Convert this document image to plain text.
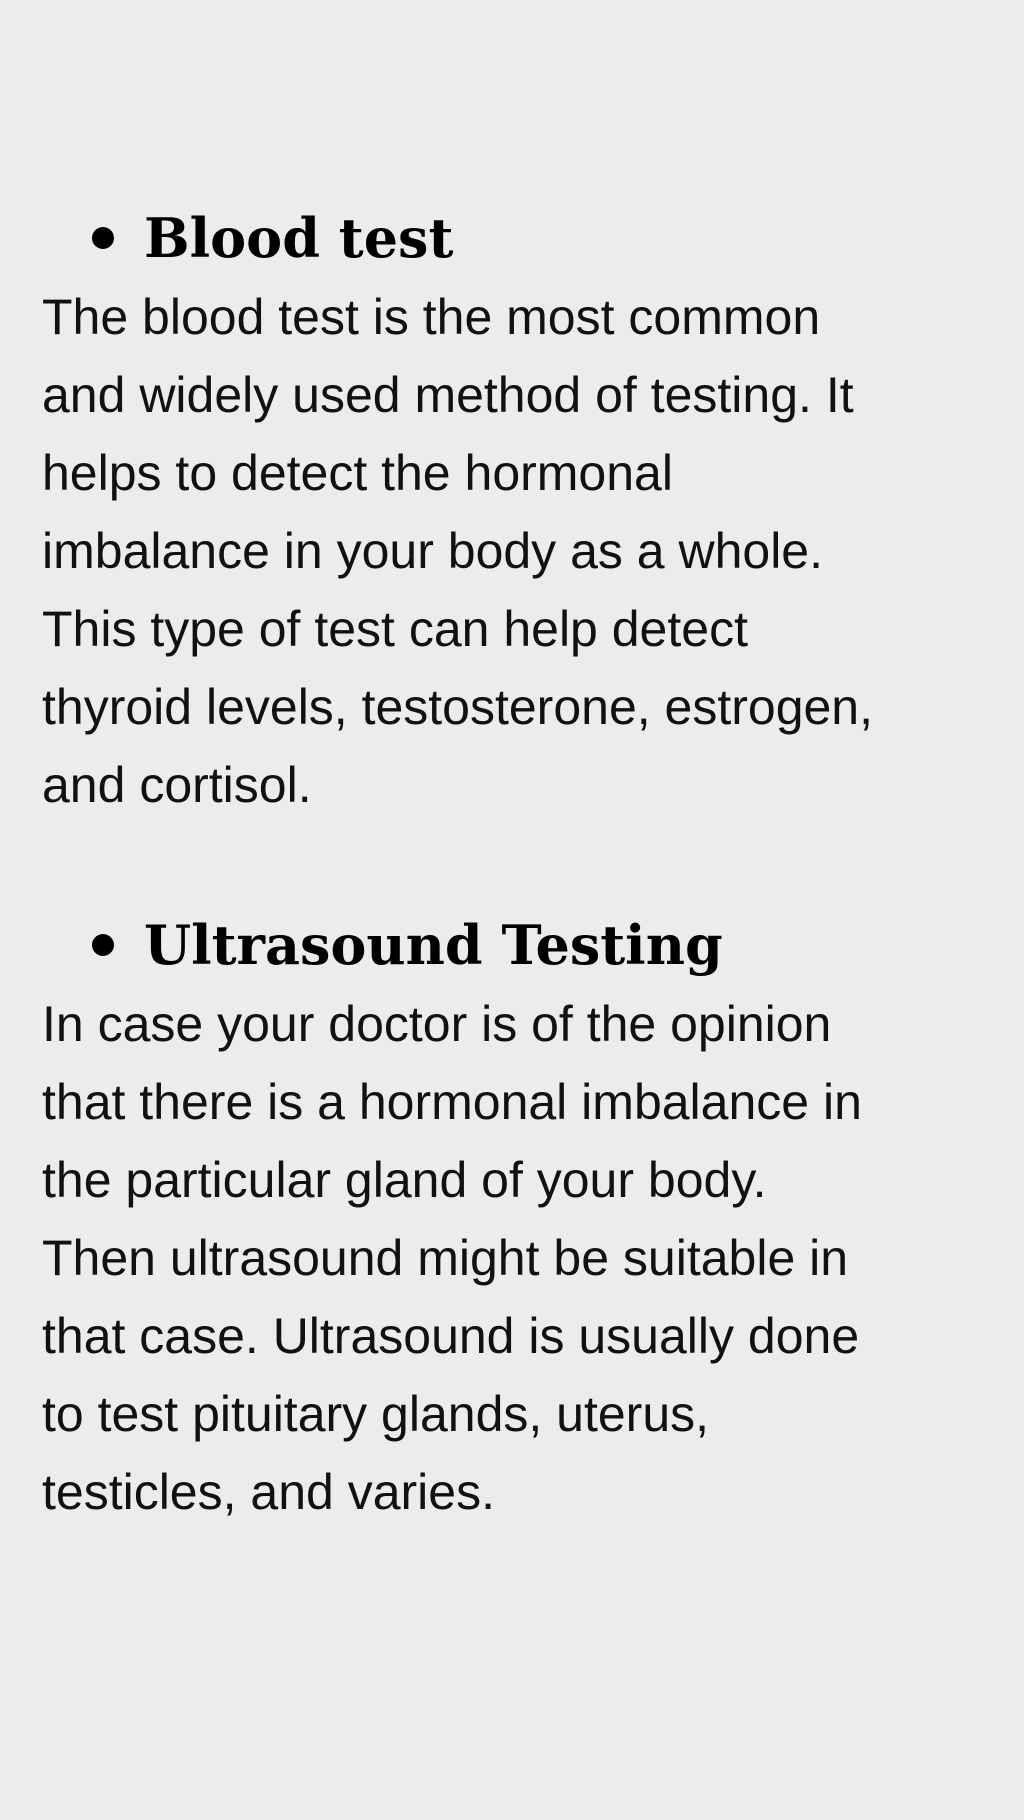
Blood test

The blood test is the most common
and widely used method of testing. It
helps to detect the hormonal
imbalance in your body as a whole.
This type of test can help detect
thyroid levels, testosterone, estrogen,
and cortisol.

Ultrasound Testing

In case your doctor is of the opinion
that there is a hormonal imbalance in
the particular gland of your body.
Then ultrasound might be suitable in
that case. Ultrasound is usually done
to test pituitary glands, uterus,
testicles, and varies.
